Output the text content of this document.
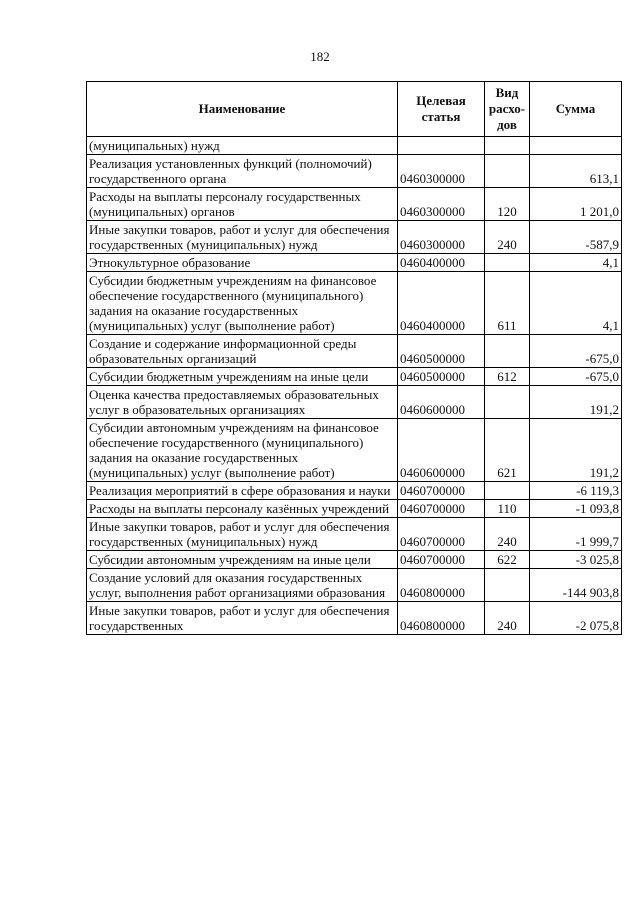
182
Наименование	Целевая статья	Вид расхо-дов	Сумма
(муниципальных) нужд			
Реализация установленных функций (полномочий) государственного органа	0460300000		613,1
Расходы на выплаты персоналу государственных (муниципальных) органов	0460300000	120	1 201,0
Иные закупки товаров, работ и услуг для обеспечения государственных (муниципальных) нужд	0460300000	240	-587,9
Этнокультурное образование	0460400000		4,1
Субсидии бюджетным учреждениям на финансовое обеспечение государственного (муниципального) задания на оказание государственных (муниципальных) услуг (выполнение работ)	0460400000	611	4,1
Создание и содержание информационной среды образовательных организаций	0460500000		-675,0
Субсидии бюджетным учреждениям на иные цели	0460500000	612	-675,0
Оценка качества предоставляемых образовательных услуг в образовательных организациях	0460600000		191,2
Субсидии автономным учреждениям на финансовое обеспечение государственного (муниципального) задания на оказание государственных (муниципальных) услуг (выполнение работ)	0460600000	621	191,2
Реализация мероприятий в сфере образования и науки	0460700000		-6 119,3
Расходы на выплаты персоналу казённых учреждений	0460700000	110	-1 093,8
Иные закупки товаров, работ и услуг для обеспечения государственных (муниципальных) нужд	0460700000	240	-1 999,7
Субсидии автономным учреждениям на иные цели	0460700000	622	-3 025,8
Создание условий для оказания государственных услуг, выполнения работ организациями образования	0460800000		-144 903,8
Иные закупки товаров, работ и услуг для обеспечения государственных	0460800000	240	-2 075,8
